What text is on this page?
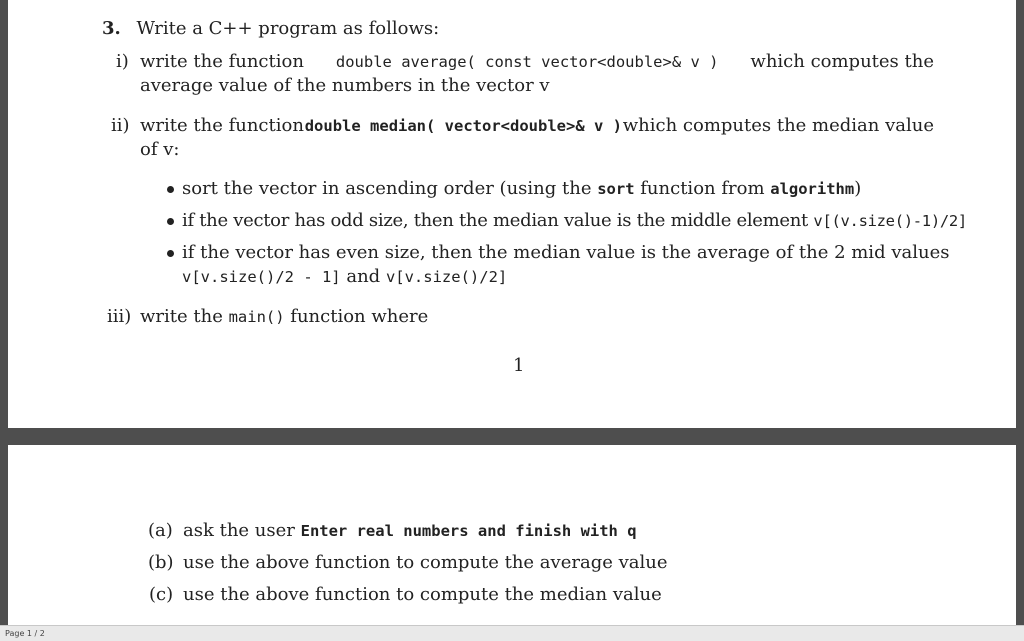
3. Write a C++ program as follows:
i) write the function double average( const vector<double>& v ) which computes the
average value of the numbers in the vector v
ii) write the function double median( vector<double>& v ) which computes the median value
of v:
sort the vector in ascending order (using the sort function from algorithm)
if the vector has odd size, then the median value is the middle element v[(v.size()-1)/2]
if the vector has even size, then the median value is the average of the 2 mid values
v[v.size()/2 - 1] and v[v.size()/2]
iii) write the main() function where
1
(a) ask the user Enter real numbers and finish with q
(b) use the above function to compute the average value
(c) use the above function to compute the median value
Page 1 / 2
